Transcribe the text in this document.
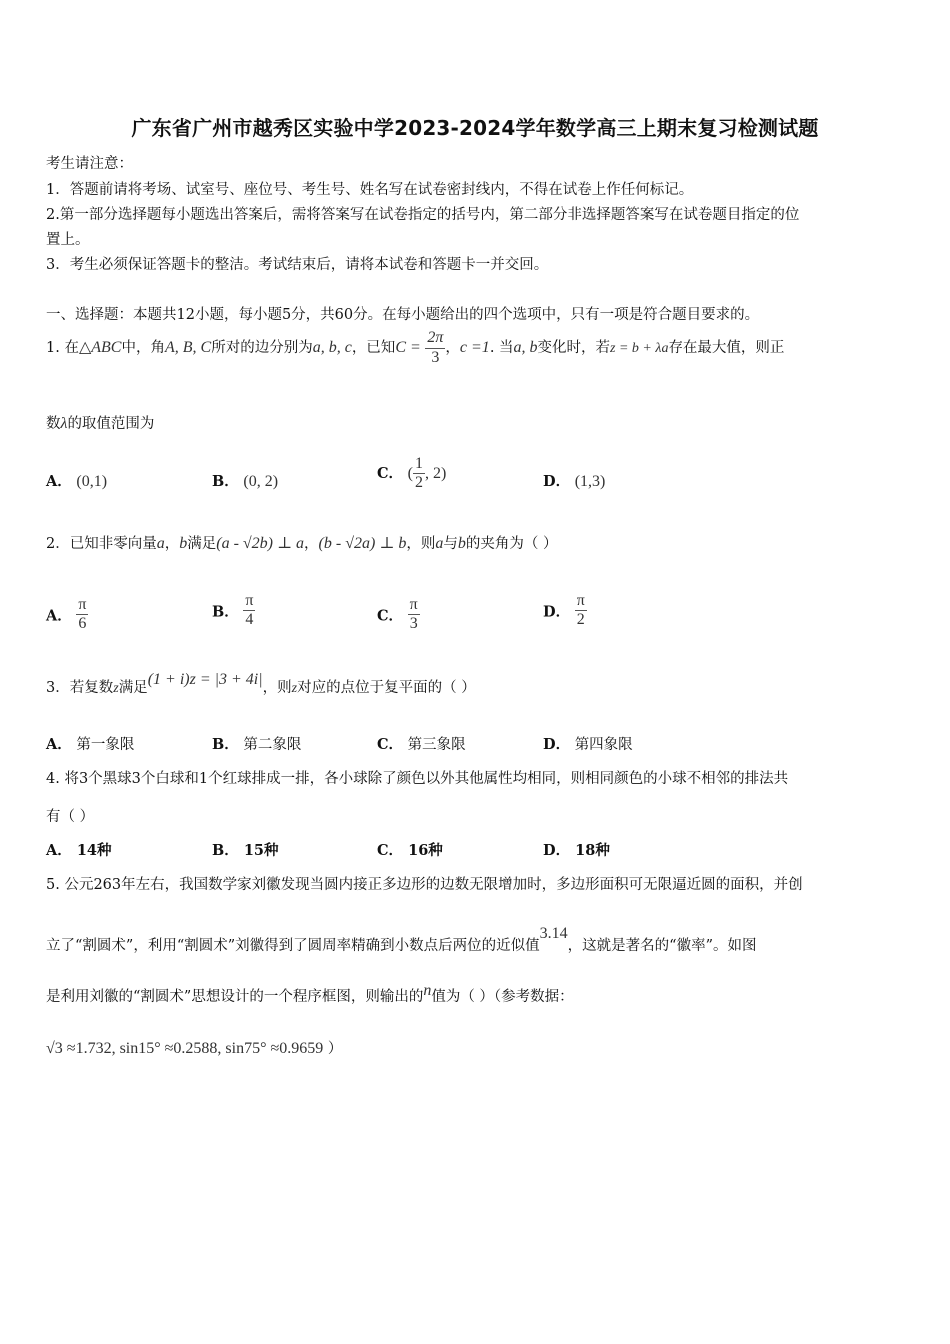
广东省广州市越秀区实验中学2023-2024学年数学高三上期末复习检测试题
考生请注意：
1．答题前请将考场、试室号、座位号、考生号、姓名写在试卷密封线内，不得在试卷上作任何标记。
2.第一部分选择题每小题选出答案后，需将答案写在试卷指定的括号内，第二部分非选择题答案写在试卷题目指定的位
置上。
3．考生必须保证答题卡的整洁。考试结束后，请将本试卷和答题卡一并交回。
一、选择题：本题共12小题，每小题5分，共60分。在每小题给出的四个选项中，只有一项是符合题目要求的。
1. 在△ABC中，角A, B, C所对的边分别为a, b, c，已知$C = \frac{2\pi}{3}$ ，c =1. 当a, b变化时，若z = b + λa存在最大值，则正
数λ的取值范围为
A． (0,1)	B． (0, 2)	C． ( $\frac{1}{2}$ , 2)	D． (1,3)
2．已知非零向量a，b满足(a - √2b) ⊥ a，(b - √2a) ⊥ b，则a与b的夹角为（ ）
A． $\frac{\pi}{6}$	B． $\frac{\pi}{4}$	C． $\frac{\pi}{3}$	D． $\frac{\pi}{2}$
3．若复数z满足(1 + i)z = |3 + 4i|，则z对应的点位于复平面的（ ）
A． 第一象限	B． 第二象限	C． 第三象限	D． 第四象限
4. 将3个黑球3个白球和1个红球排成一排，各小球除了颜色以外其他属性均相同，则相同颜色的小球不相邻的排法共
有（ ）
A． 14种	B． 15种	C． 16种	D． 18种
5. 公元263年左右，我国数学家刘徽发现当圆内接正多边形的边数无限增加时，多边形面积可无限逼近圆的面积，并创
立了“割圆术”，利用“割圆术”刘徽得到了圆周率精确到小数点后两位的近似值3.14，这就是著名的“徽率”。如图
是利用刘徽的“割圆术”思想设计的一个程序框图，则输出的n值为（ ）（参考数据：
√3 ≈1.732, sin15° ≈0.2588, sin75° ≈0.9659 ）
